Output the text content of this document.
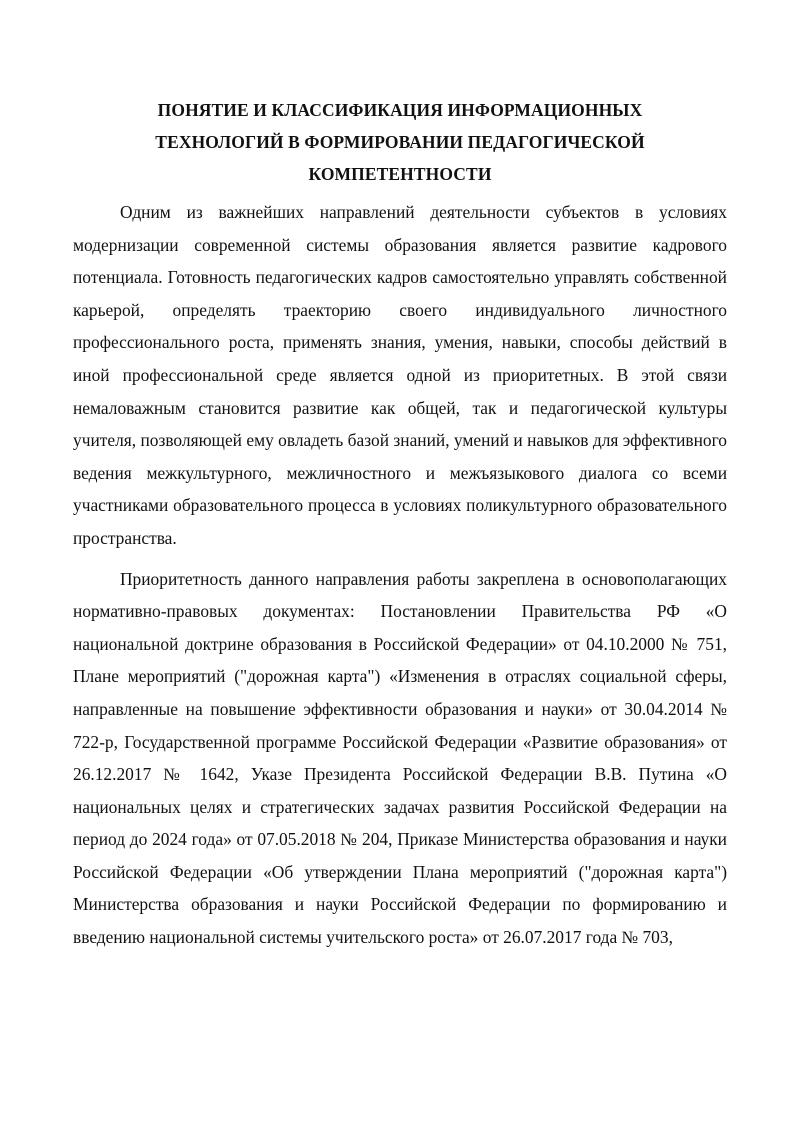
ПОНЯТИЕ И КЛАССИФИКАЦИЯ ИНФОРМАЦИОННЫХ
ТЕХНОЛОГИЙ В ФОРМИРОВАНИИ ПЕДАГОГИЧЕСКОЙ
КОМПЕТЕНТНОСТИ

Одним из важнейших направлений деятельности субъектов в условиях модернизации современной системы образования является развитие кадрового потенциала. Готовность педагогических кадров самостоятельно управлять собственной карьерой, определять траекторию своего индивидуального личностного профессионального роста, применять знания, умения, навыки, способы действий в иной профессиональной среде является одной из приоритетных. В этой связи немаловажным становится развитие как общей, так и педагогической культуры учителя, позволяющей ему овладеть базой знаний, умений и навыков для эффективного ведения межкультурного, межличностного и межъязыкового диалога со всеми участниками образовательного процесса в условиях поликультурного образовательного пространства.

Приоритетность данного направления работы закреплена в основополагающих нормативно-правовых документах: Постановлении Правительства РФ «О национальной доктрине образования в Российской Федерации» от 04.10.2000 № 751, Плане мероприятий ("дорожная карта") «Изменения в отраслях социальной сферы, направленные на повышение эффективности образования и науки» от 30.04.2014 № 722-р, Государственной программе Российской Федерации «Развитие образования» от 26.12.2017 № 1642, Указе Президента Российской Федерации В.В. Путина «О национальных целях и стратегических задачах развития Российской Федерации на период до 2024 года» от 07.05.2018 № 204, Приказе Министерства образования и науки Российской Федерации «Об утверждении Плана мероприятий ("дорожная карта") Министерства образования и науки Российской Федерации по формированию и введению национальной системы учительского роста» от 26.07.2017 года № 703,
